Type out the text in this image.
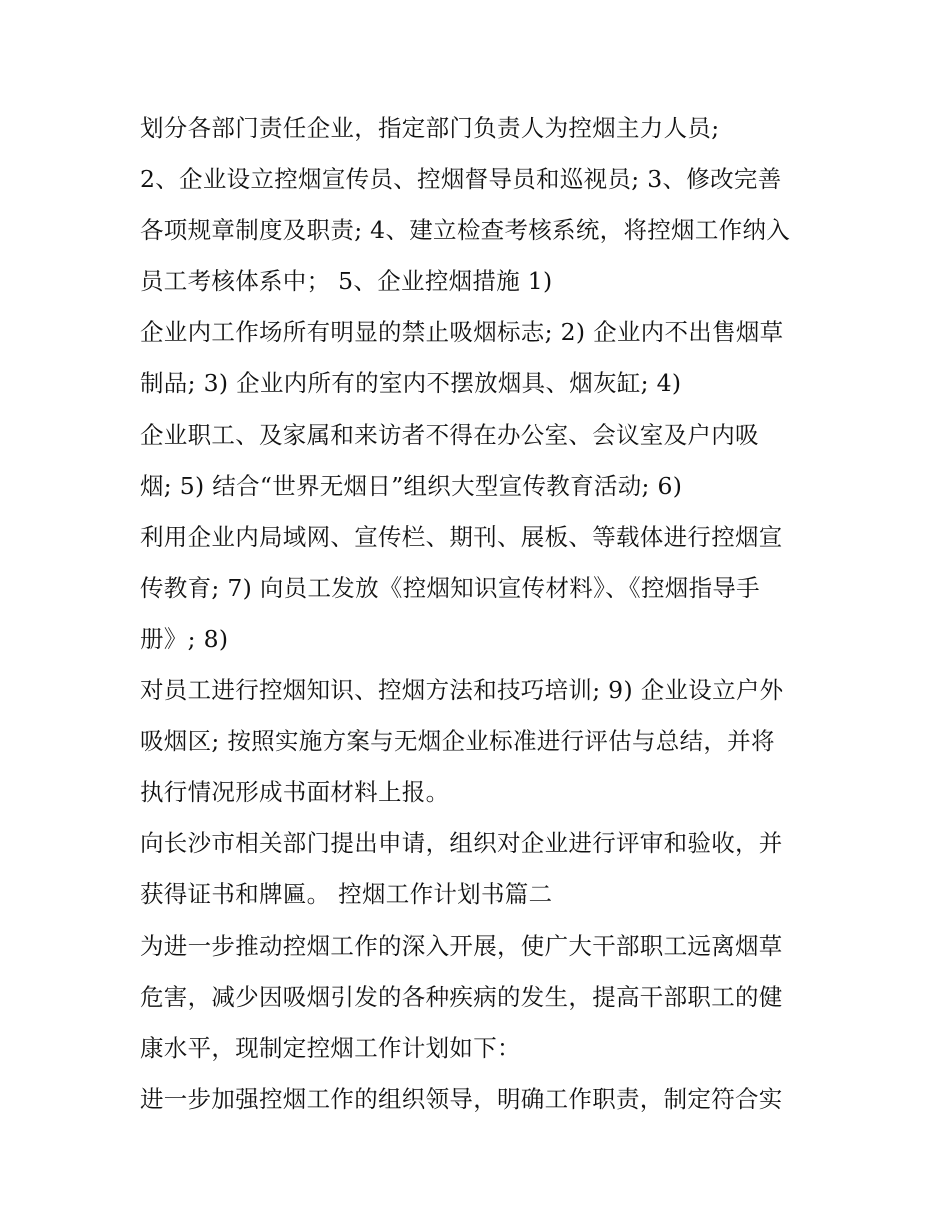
划分各部门责任企业，指定部门负责人为控烟主力人员;
2、企业设立控烟宣传员、控烟督导员和巡视员; 3、修改完善
各项规章制度及职责; 4、建立检查考核系统，将控烟工作纳入
员工考核体系中； 5、企业控烟措施 1)
企业内工作场所有明显的禁止吸烟标志; 2) 企业内不出售烟草
制品; 3) 企业内所有的室内不摆放烟具、烟灰缸; 4)
企业职工、及家属和来访者不得在办公室、会议室及户内吸
烟; 5) 结合“世界无烟日”组织大型宣传教育活动; 6)
利用企业内局域网、宣传栏、期刊、展板、等载体进行控烟宣
传教育; 7) 向员工发放《控烟知识宣传材料》、《控烟指导手
册》; 8)
对员工进行控烟知识、控烟方法和技巧培训; 9) 企业设立户外
吸烟区; 按照实施方案与无烟企业标准进行评估与总结，并将
执行情况形成书面材料上报。
向长沙市相关部门提出申请，组织对企业进行评审和验收，并
获得证书和牌匾。 控烟工作计划书篇二
为进一步推动控烟工作的深入开展，使广大干部职工远离烟草
危害，减少因吸烟引发的各种疾病的发生，提高干部职工的健
康水平，现制定控烟工作计划如下：
进一步加强控烟工作的组织领导，明确工作职责，制定符合实
